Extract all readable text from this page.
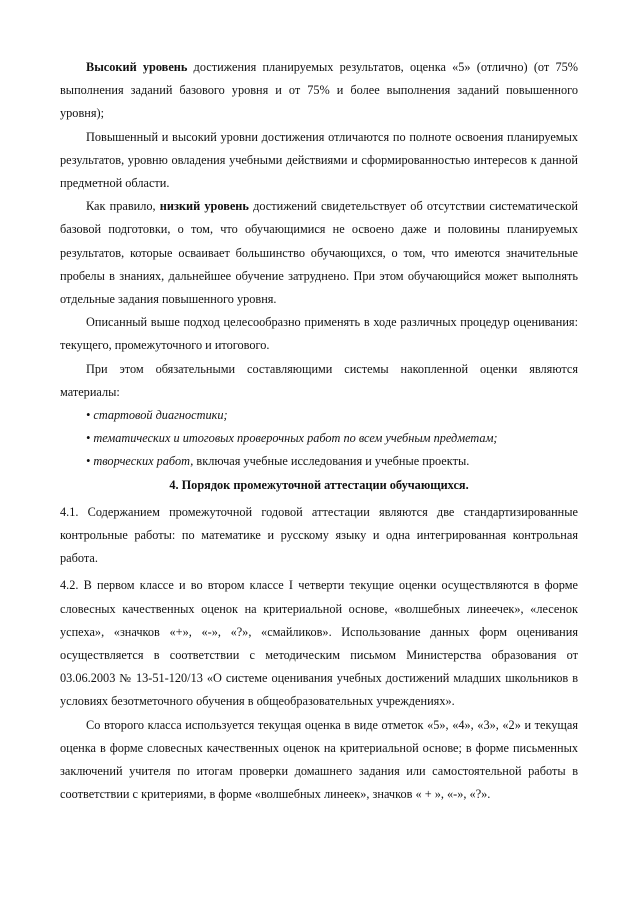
Высокий уровень достижения планируемых результатов, оценка «5» (отлично) (от 75% выполнения заданий базового уровня и от 75% и более выполнения заданий повышенного уровня);

Повышенный и высокий уровни достижения отличаются по полноте освоения планируемых результатов, уровню овладения учебными действиями и сформированностью интересов к данной предметной области.

Как правило, низкий уровень достижений свидетельствует об отсутствии систематической базовой подготовки, о том, что обучающимися не освоено даже и половины планируемых результатов, которые осваивает большинство обучающихся, о том, что имеются значительные пробелы в знаниях, дальнейшее обучение затруднено. При этом обучающийся может выполнять отдельные задания повышенного уровня.

Описанный выше подход целесообразно применять в ходе различных процедур оценивания: текущего, промежуточного и итогового.

При этом обязательными составляющими системы накопленной оценки являются материалы:

• стартовой диагностики;

• тематических и итоговых проверочных работ по всем учебным предметам;

• творческих работ, включая учебные исследования и учебные проекты.

4. Порядок промежуточной аттестации обучающихся.

4.1. Содержанием промежуточной годовой аттестации являются две стандартизированные контрольные работы: по математике и русскому языку и одна интегрированная контрольная работа.

4.2. В первом классе и во втором классе I четверти текущие оценки осуществляются в форме словесных качественных оценок на критериальной основе, «волшебных линеечек», «лесенок успеха», «значков «+», «-», «?», «смайликов». Использование данных форм оценивания осуществляется в соответствии с методическим письмом Министерства образования от 03.06.2003 № 13-51-120/13 «О системе оценивания учебных достижений младших школьников в условиях безотметочного обучения в общеобразовательных учреждениях».

Со второго класса используется текущая оценка в виде отметок «5», «4», «3», «2» и текущая оценка в форме словесных качественных оценок на критериальной основе; в форме письменных заключений учителя по итогам проверки домашнего задания или самостоятельной работы в соответствии с критериями, в форме «волшебных линеек», значков « + », «-», «?».
